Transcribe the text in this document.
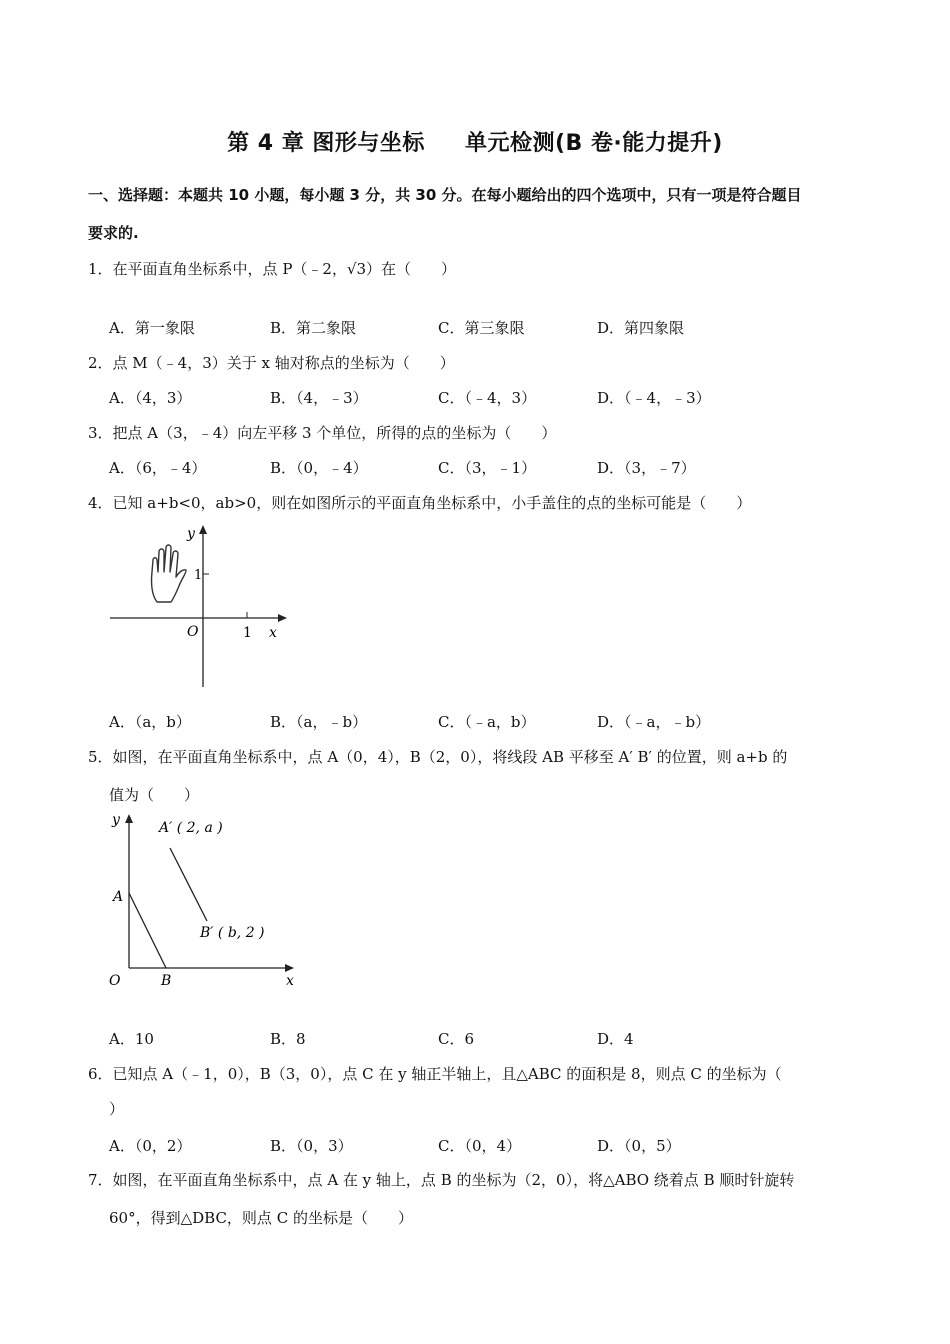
第 4 章 图形与坐标 单元检测(B 卷·能力提升)
一、选择题：本题共 10 小题，每小题 3 分，共 30 分。在每小题给出的四个选项中，只有一项是符合题目
要求的.
1．在平面直角坐标系中，点 P（﹣2，√3）在（　　）
A．第一象限	B．第二象限	C．第三象限	D．第四象限
2．点 M（﹣4，3）关于 x 轴对称点的坐标为（　　）
A．（4，3）	B．（4，﹣3）	C．（﹣4，3）	D．（﹣4，﹣3）
3．把点 A（3，﹣4）向左平移 3 个单位，所得的点的坐标为（　　）
A．（6，﹣4）	B．（0，﹣4）	C．（3，﹣1）	D．（3，﹣7）
4．已知 a+b<0，ab>0，则在如图所示的平面直角坐标系中，小手盖住的点的坐标可能是（　　）
y
1
O	1 x
A．（a，b）	B．（a，﹣b）	C．（﹣a，b）	D．（﹣a，﹣b）
5．如图，在平面直角坐标系中，点 A（0，4），B（2，0），将线段 AB 平移至 A′ B′ 的位置，则 a+b 的
值为（　　）
y
A
O	B	x
A′ ( 2, a )
B′ ( b, 2 )
A．10	B．8	C．6	D．4
6．已知点 A（﹣1，0），B（3，0），点 C 在 y 轴正半轴上，且△ABC 的面积是 8，则点 C 的坐标为（
）
A．（0，2）	B．（0，3）	C．（0，4）	D．（0，5）
7．如图，在平面直角坐标系中，点 A 在 y 轴上，点 B 的坐标为（2，0），将△ABO 绕着点 B 顺时针旋转
60°，得到△DBC，则点 C 的坐标是（　　）
